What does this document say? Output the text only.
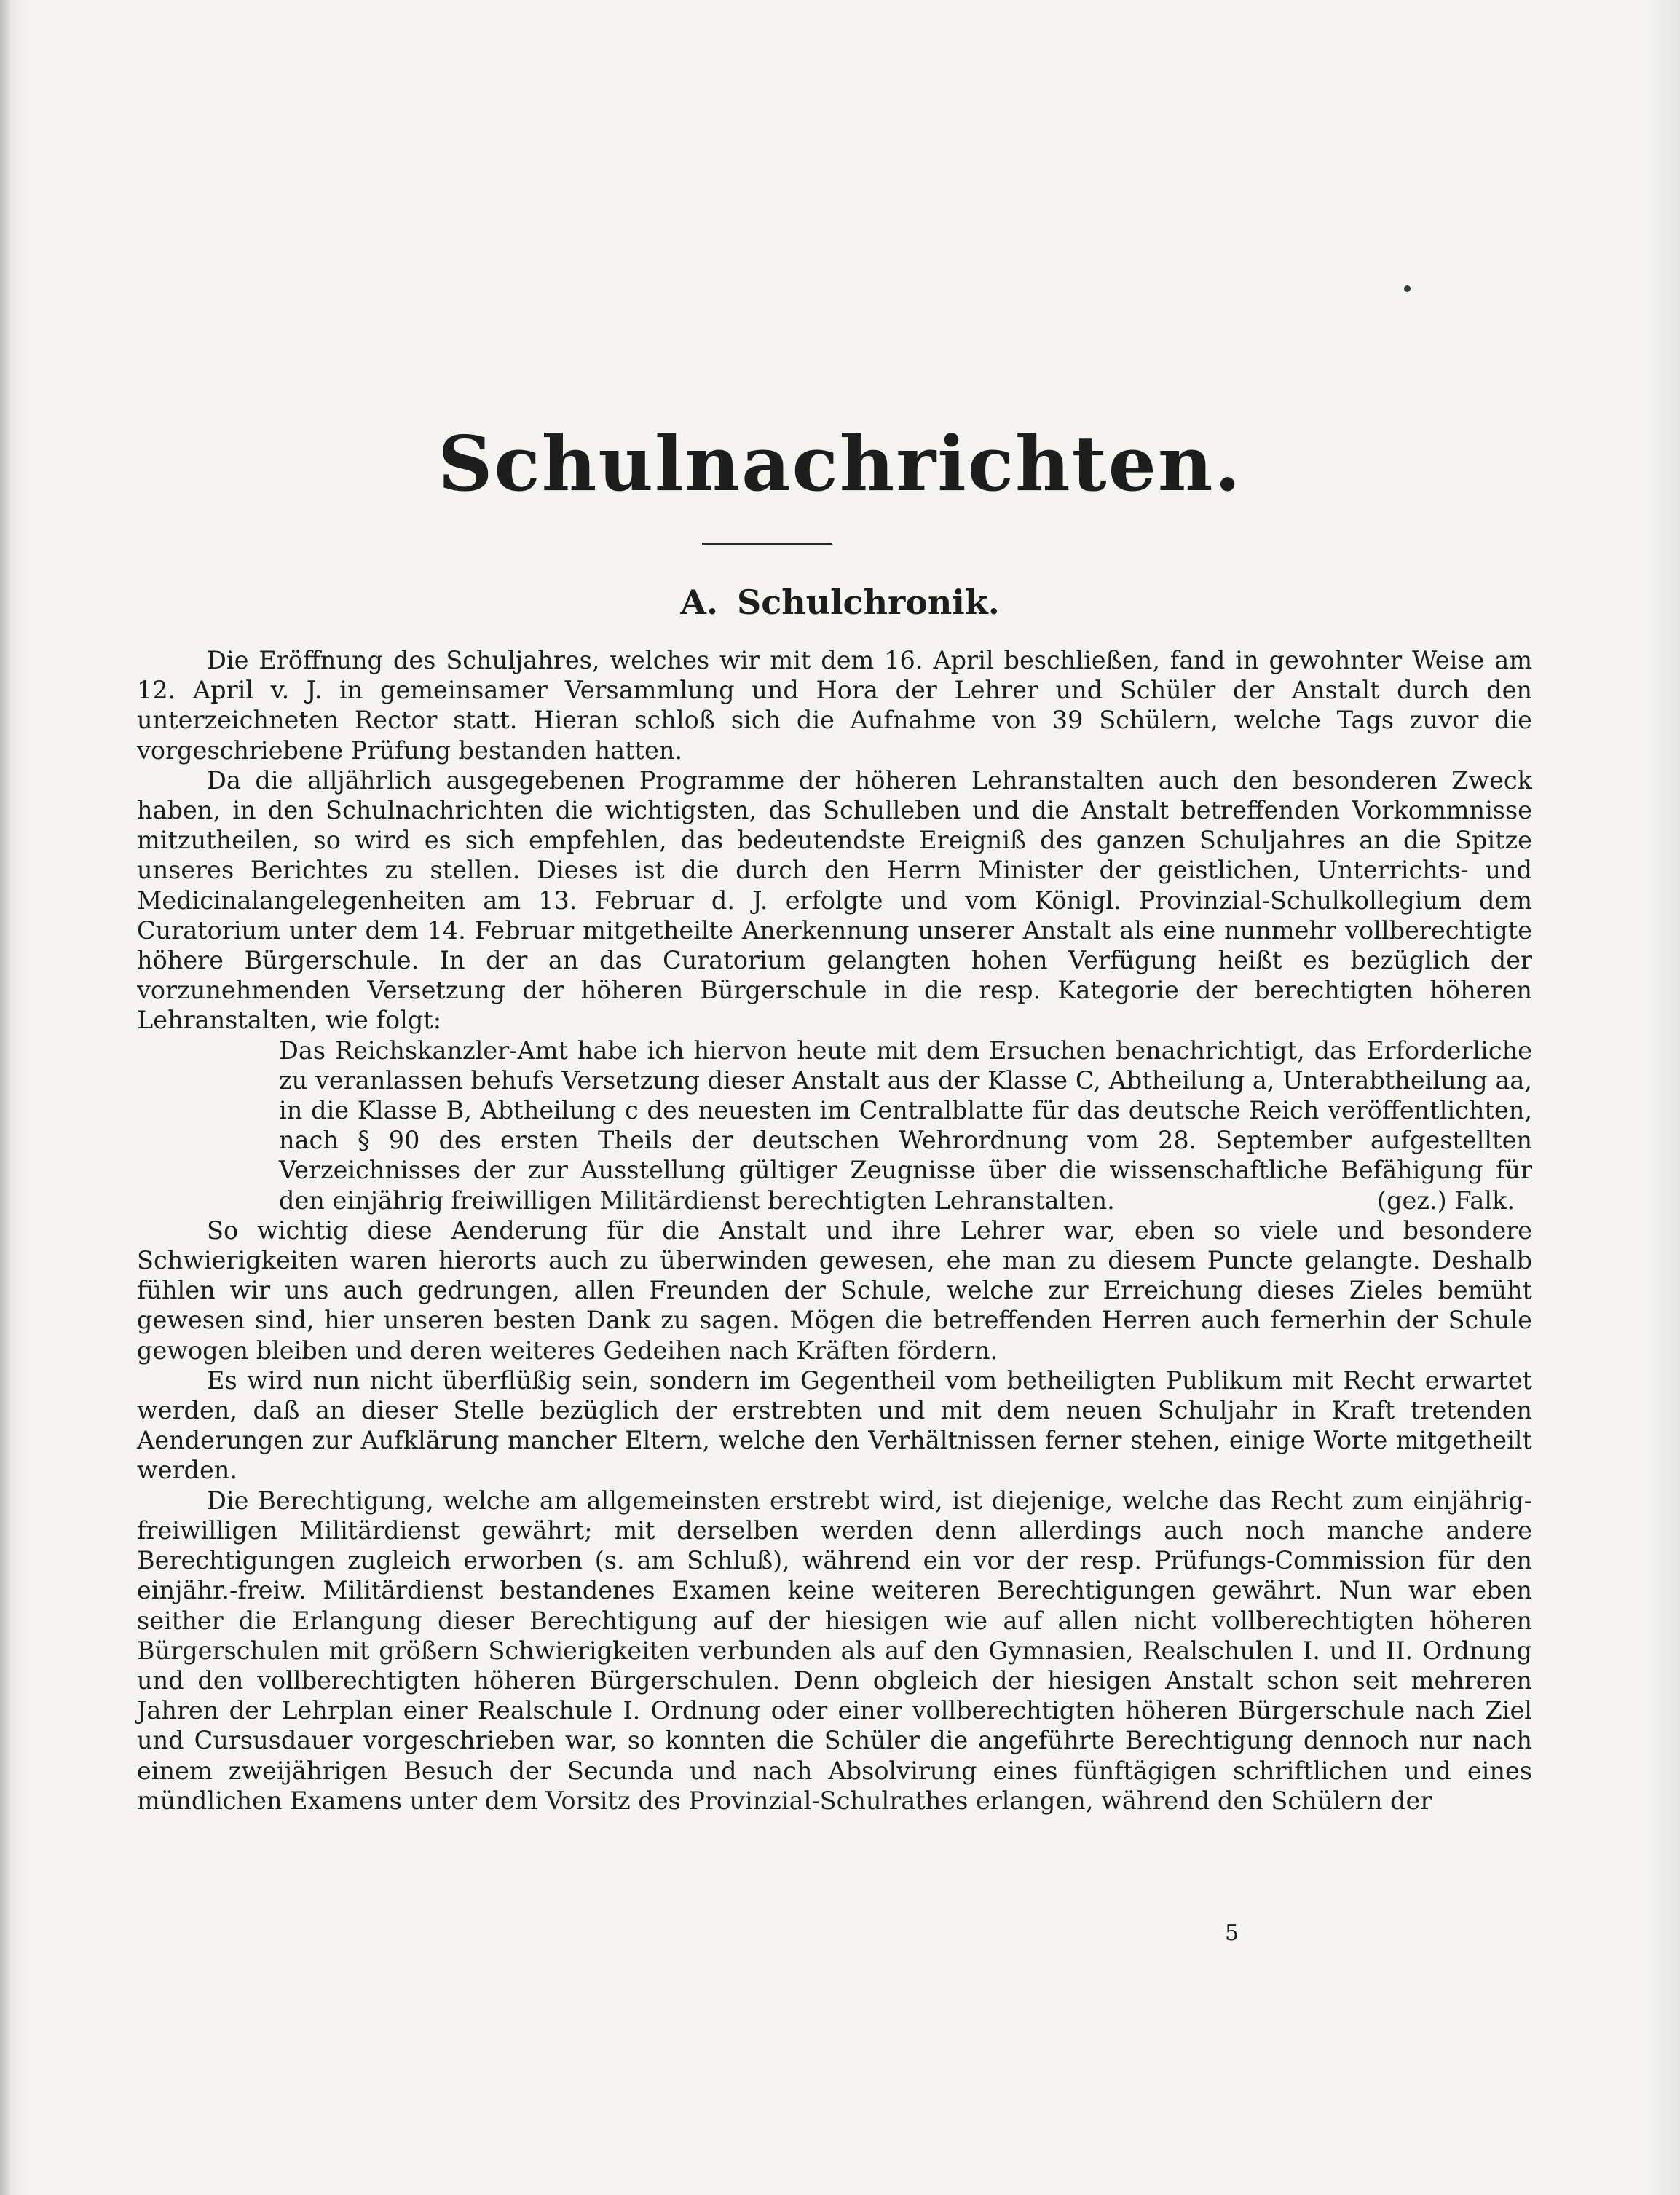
Schulnachrichten.
A. Schulchronik.

Die Eröffnung des Schuljahres, welches wir mit dem 16. April beschließen, fand in gewohnter Weise am 12. April v. J. in gemeinsamer Versammlung und Hora der Lehrer und Schüler der Anstalt durch den unterzeichneten Rector statt. Hieran schloß sich die Aufnahme von 39 Schülern, welche Tags zuvor die vorgeschriebene Prüfung bestanden hatten.

Da die alljährlich ausgegebenen Programme der höheren Lehranstalten auch den besonderen Zweck haben, in den Schulnachrichten die wichtigsten, das Schulleben und die Anstalt betreffenden Vorkommnisse mitzutheilen, so wird es sich empfehlen, das bedeutendste Ereigniß des ganzen Schuljahres an die Spitze unseres Berichtes zu stellen. Dieses ist die durch den Herrn Minister der geistlichen, Unterrichts- und Medicinalangelegenheiten am 13. Februar d. J. erfolgte und vom Königl. Provinzial-Schulkollegium dem Curatorium unter dem 14. Februar mitgetheilte Anerkennung unserer Anstalt als eine nunmehr vollberechtigte höhere Bürgerschule. In der an das Curatorium gelangten hohen Verfügung heißt es bezüglich der vorzunehmenden Versetzung der höheren Bürgerschule in die resp. Kategorie der berechtigten höheren Lehranstalten, wie folgt:

Das Reichskanzler-Amt habe ich hiervon heute mit dem Ersuchen benachrichtigt, das Erforderliche zu veranlassen behufs Versetzung dieser Anstalt aus der Klasse C, Abtheilung a, Unterabtheilung aa, in die Klasse B, Abtheilung c des neuesten im Centralblatte für das deutsche Reich veröffentlichten, nach § 90 des ersten Theils der deutschen Wehrordnung vom 28. September aufgestellten Verzeichnisses der zur Ausstellung gültiger Zeugnisse über die wissenschaftliche Befähigung für den einjährig freiwilligen Militärdienst berechtigten Lehranstalten.	(gez.) Falk.

So wichtig diese Aenderung für die Anstalt und ihre Lehrer war, eben so viele und besondere Schwierigkeiten waren hierorts auch zu überwinden gewesen, ehe man zu diesem Puncte gelangte. Deshalb fühlen wir uns auch gedrungen, allen Freunden der Schule, welche zur Erreichung dieses Zieles bemüht gewesen sind, hier unseren besten Dank zu sagen. Mögen die betreffenden Herren auch fernerhin der Schule gewogen bleiben und deren weiteres Gedeihen nach Kräften fördern.

Es wird nun nicht überflüßig sein, sondern im Gegentheil vom betheiligten Publikum mit Recht erwartet werden, daß an dieser Stelle bezüglich der erstrebten und mit dem neuen Schuljahr in Kraft tretenden Aenderungen zur Aufklärung mancher Eltern, welche den Verhältnissen ferner stehen, einige Worte mitgetheilt werden.

Die Berechtigung, welche am allgemeinsten erstrebt wird, ist diejenige, welche das Recht zum einjährig-freiwilligen Militärdienst gewährt; mit derselben werden denn allerdings auch noch manche andere Berechtigungen zugleich erworben (s. am Schluß), während ein vor der resp. Prüfungs-Commission für den einjähr.-freiw. Militärdienst bestandenes Examen keine weiteren Berechtigungen gewährt. Nun war eben seither die Erlangung dieser Berechtigung auf der hiesigen wie auf allen nicht vollberechtigten höheren Bürgerschulen mit größern Schwierigkeiten verbunden als auf den Gymnasien, Realschulen I. und II. Ordnung und den vollberechtigten höheren Bürgerschulen. Denn obgleich der hiesigen Anstalt schon seit mehreren Jahren der Lehrplan einer Realschule I. Ordnung oder einer vollberechtigten höheren Bürgerschule nach Ziel und Cursusdauer vorgeschrieben war, so konnten die Schüler die angeführte Berechtigung dennoch nur nach einem zweijährigen Besuch der Secunda und nach Absolvirung eines fünftägigen schriftlichen und eines mündlichen Examens unter dem Vorsitz des Provinzial-Schulrathes erlangen, während den Schülern der

5
